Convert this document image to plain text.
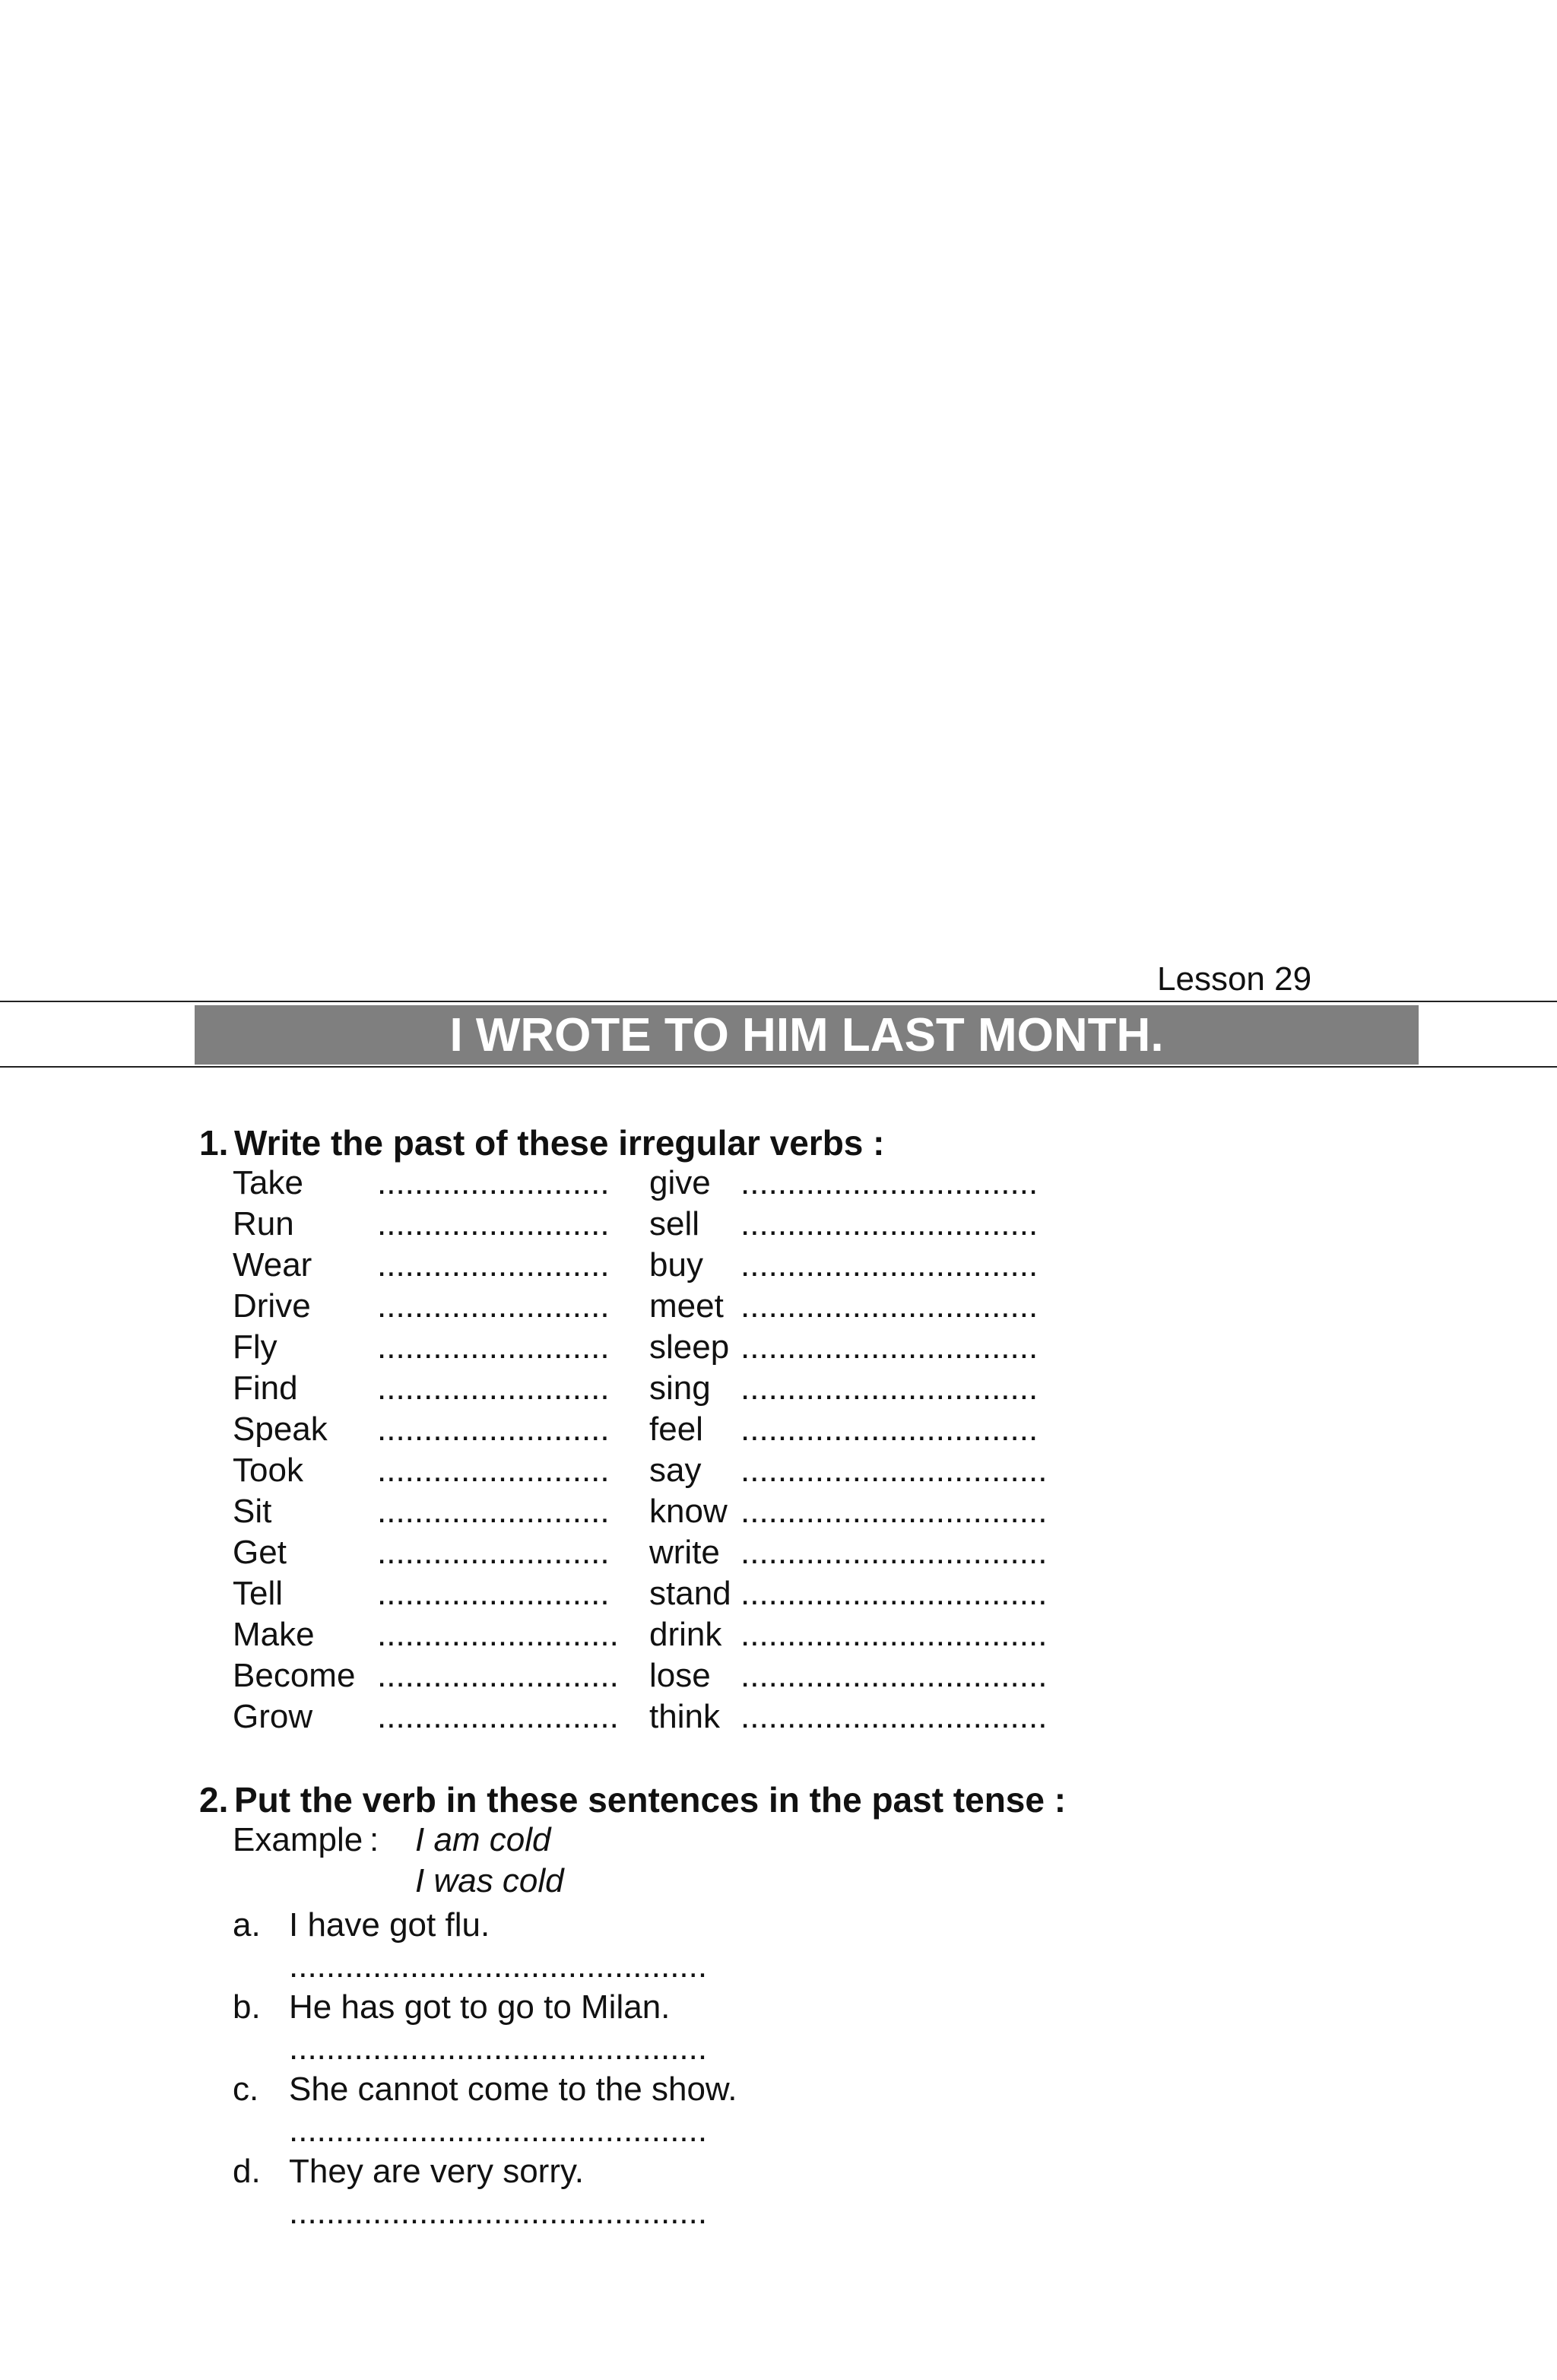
Lesson 29
I WROTE TO HIM LAST MONTH.
1. Write the past of these irregular verbs :
Take ......................... give ................................
Run ......................... sell ................................
Wear ......................... buy ................................
Drive ......................... meet ................................
Fly	......................... sleep ................................
Find ......................... sing ................................
Speak ......................... feel ................................
Took ......................... say .................................
Sit	......................... know .................................
Get	......................... write .................................
Tell	......................... stand .................................
Make .......................... drink .................................
Become .......................... lose .................................
Grow .......................... think .................................
2. Put the verb in these sentences in the past tense :
Example : I am cold
I was cold
a. I have got flu.
.............................................
b. He has got to go to Milan.
.............................................
c. She cannot come to the show.
.............................................
d. They are very sorry.
.............................................
